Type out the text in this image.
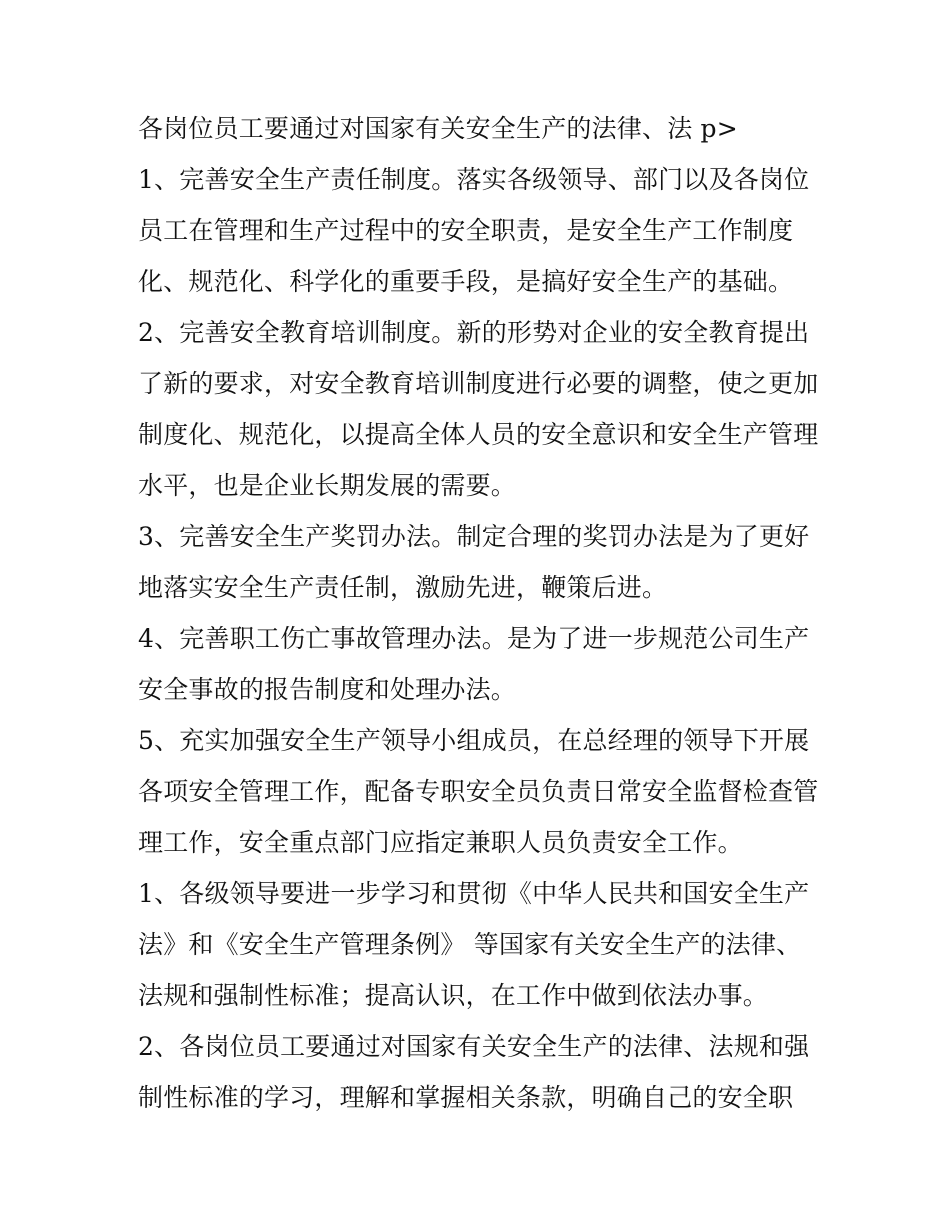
各岗位员工要通过对国家有关安全生产的法律、法 p>
1、完善安全生产责任制度。落实各级领导、部门以及各岗位
员工在管理和生产过程中的安全职责，是安全生产工作制度
化、规范化、科学化的重要手段，是搞好安全生产的基础。
2、完善安全教育培训制度。新的形势对企业的安全教育提出
了新的要求，对安全教育培训制度进行必要的调整，使之更加
制度化、规范化，以提高全体人员的安全意识和安全生产管理
水平，也是企业长期发展的需要。
3、完善安全生产奖罚办法。制定合理的奖罚办法是为了更好
地落实安全生产责任制，激励先进，鞭策后进。
4、完善职工伤亡事故管理办法。是为了进一步规范公司生产
安全事故的报告制度和处理办法。
5、充实加强安全生产领导小组成员，在总经理的领导下开展
各项安全管理工作，配备专职安全员负责日常安全监督检查管
理工作，安全重点部门应指定兼职人员负责安全工作。
1、各级领导要进一步学习和贯彻《中华人民共和国安全生产
法》和《安全生产管理条例》 等国家有关安全生产的法律、
法规和强制性标准；提高认识，在工作中做到依法办事。
2、各岗位员工要通过对国家有关安全生产的法律、法规和强
制性标准的学习，理解和掌握相关条款，明确自己的安全职
